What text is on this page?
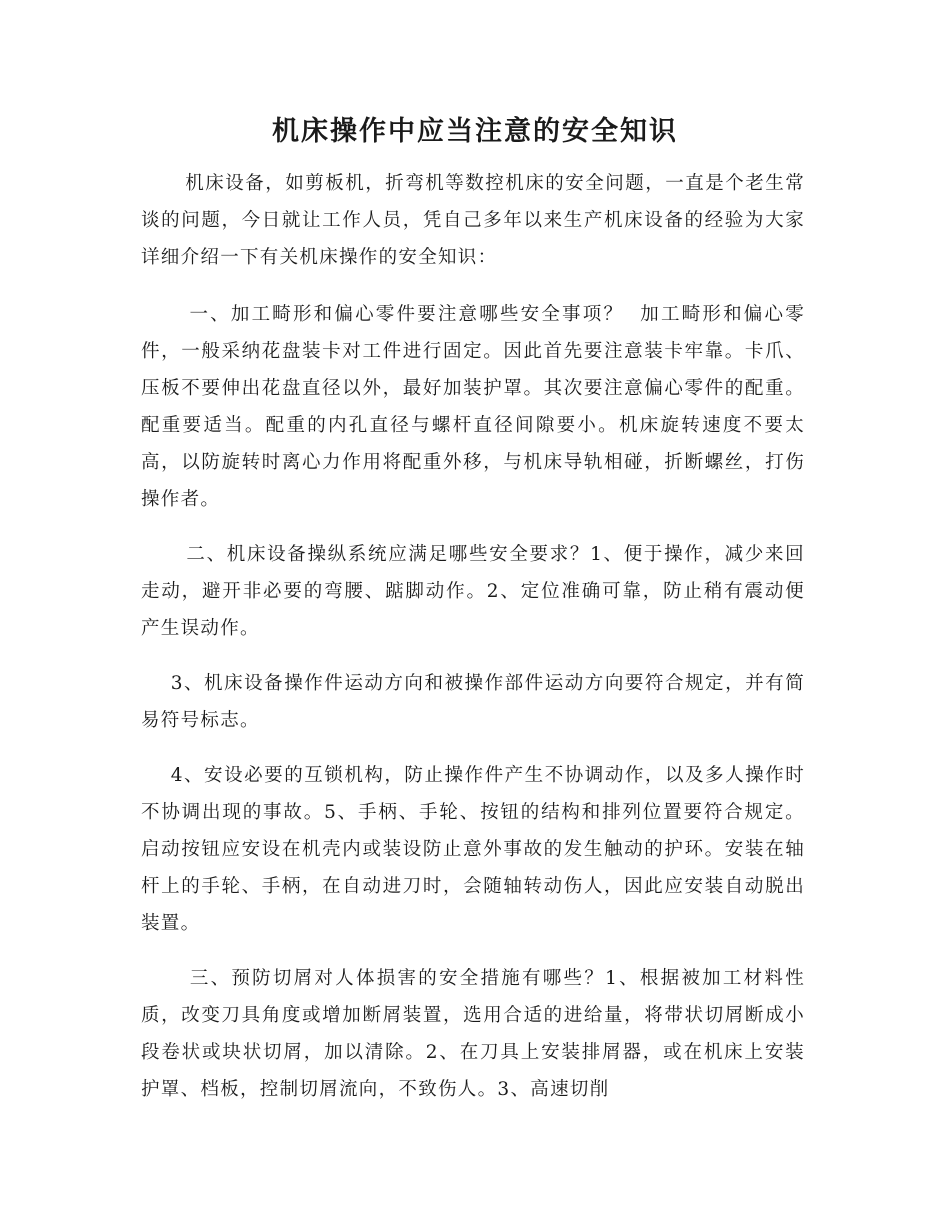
机床操作中应当注意的安全知识

机床设备，如剪板机，折弯机等数控机床的安全问题，一直是个老生常谈的问题，今日就让工作人员，凭自己多年以来生产机床设备的经验为大家详细介绍一下有关机床操作的安全知识：

一、加工畸形和偏心零件要注意哪些安全事项？  加工畸形和偏心零件，一般采纳花盘装卡对工件进行固定。因此首先要注意装卡牢靠。卡爪、压板不要伸出花盘直径以外，最好加装护罩。其次要注意偏心零件的配重。配重要适当。配重的内孔直径与螺杆直径间隙要小。机床旋转速度不要太高，以防旋转时离心力作用将配重外移，与机床导轨相碰，折断螺丝，打伤操作者。

二、机床设备操纵系统应满足哪些安全要求？1、便于操作，减少来回走动，避开非必要的弯腰、踮脚动作。2、定位准确可靠，防止稍有震动便产生误动作。

3、机床设备操作件运动方向和被操作部件运动方向要符合规定，并有简易符号标志。

4、安设必要的互锁机构，防止操作件产生不协调动作，以及多人操作时不协调出现的事故。5、手柄、手轮、按钮的结构和排列位置要符合规定。启动按钮应安设在机壳内或装设防止意外事故的发生触动的护环。安装在轴杆上的手轮、手柄，在自动进刀时，会随轴转动伤人，因此应安装自动脱出装置。

三、预防切屑对人体损害的安全措施有哪些？1、根据被加工材料性质，改变刀具角度或增加断屑装置，选用合适的进给量，将带状切屑断成小段卷状或块状切屑，加以清除。2、在刀具上安装排屑器，或在机床上安装护罩、档板，控制切屑流向，不致伤人。3、高速切削
